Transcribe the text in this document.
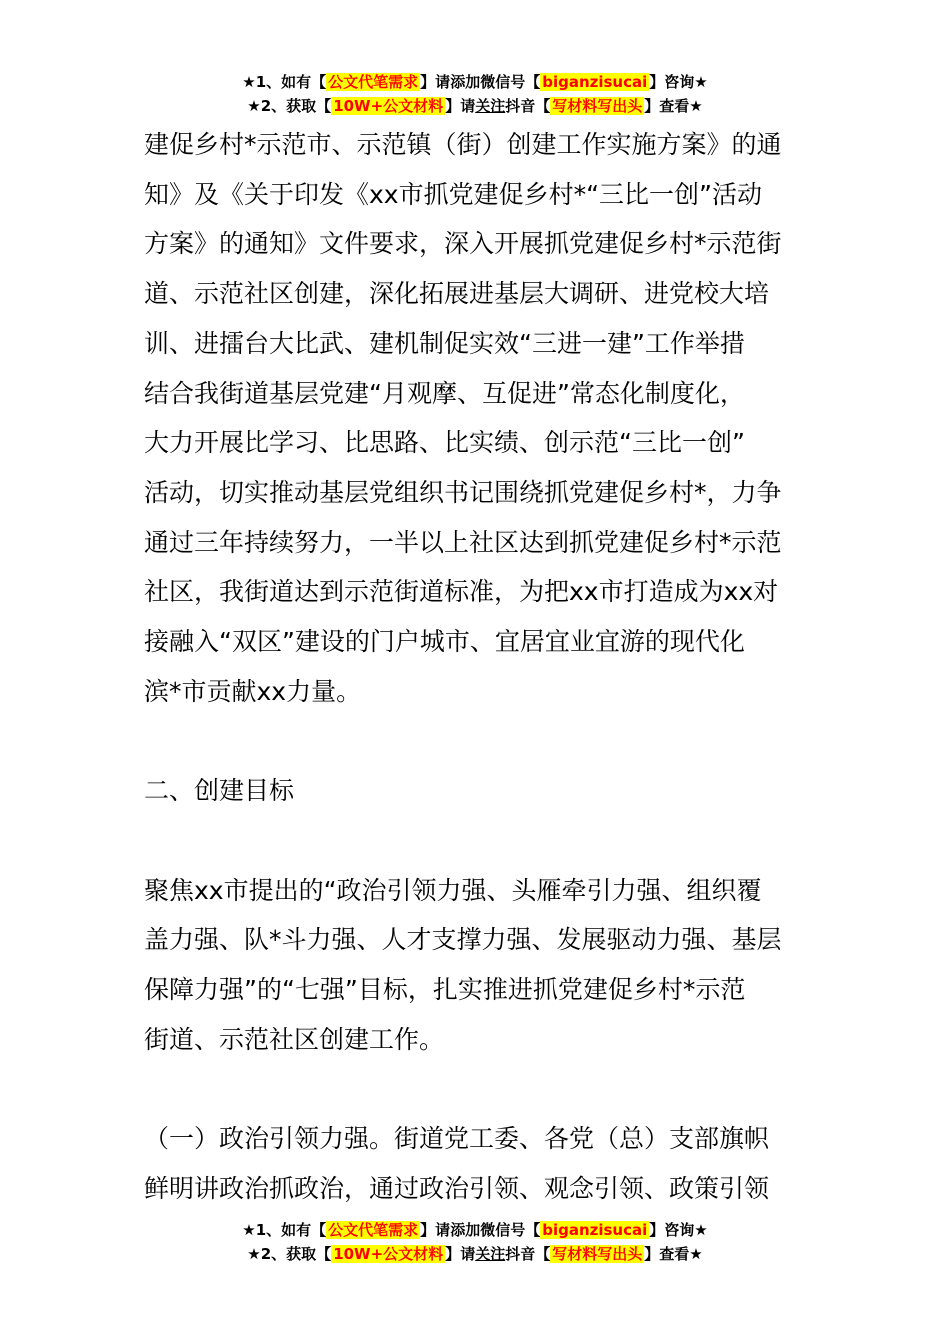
★1、如有【 公文代笔需求 】请添加微信号【 biganzisucai 】咨询★
★2、获取【 10W+公文材料 】请关注抖音【 写材料写出头 】查看★

建促乡村*示范市、示范镇（街）创建工作实施方案》的通

知》及《关于印发《xx市抓党建促乡村*“三比一创”活动

方案》的通知》文件要求，深入开展抓党建促乡村*示范街

道、示范社区创建，深化拓展进基层大调研、进党校大培

训、进擂台大比武、建机制促实效“三进一建”工作举措

结合我街道基层党建“月观摩、互促进”常态化制度化，

大力开展比学习、比思路、比实绩、创示范“三比一创”

活动，切实推动基层党组织书记围绕抓党建促乡村*，力争

通过三年持续努力，一半以上社区达到抓党建促乡村*示范

社区，我街道达到示范街道标准，为把xx市打造成为xx对

接融入“双区”建设的门户城市、宜居宜业宜游的现代化

滨*市贡献xx力量。

二、创建目标

聚焦xx市提出的“政治引领力强、头雁牵引力强、组织覆

盖力强、队*斗力强、人才支撑力强、发展驱动力强、基层

保障力强”的“七强”目标，扎实推进抓党建促乡村*示范

街道、示范社区创建工作。

（一）政治引领力强。街道党工委、各党（总）支部旗帜

鲜明讲政治抓政治，通过政治引领、观念引领、政策引领

★1、如有【 公文代笔需求 】请添加微信号【 biganzisucai 】咨询★
★2、获取【 10W+公文材料 】请关注抖音【 写材料写出头 】查看★
